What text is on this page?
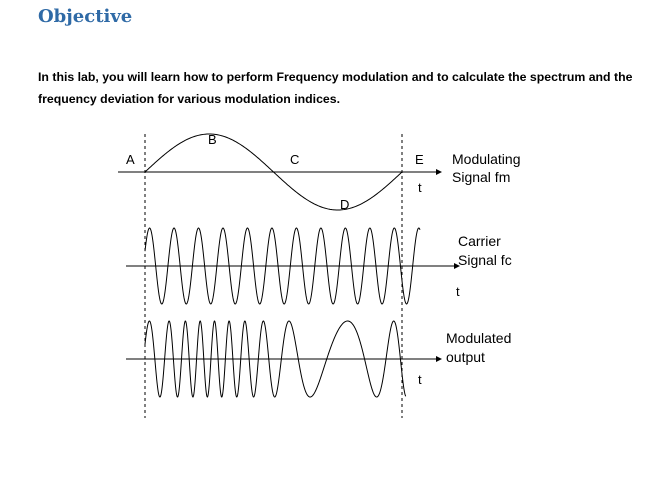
Objective

In this lab, you will learn how to perform Frequency modulation and to calculate the spectrum and the frequency deviation for various modulation indices.

A
B
C
D
E
t
t
t
Modulating
Signal fm
Carrier
Signal fc
Modulated
output
